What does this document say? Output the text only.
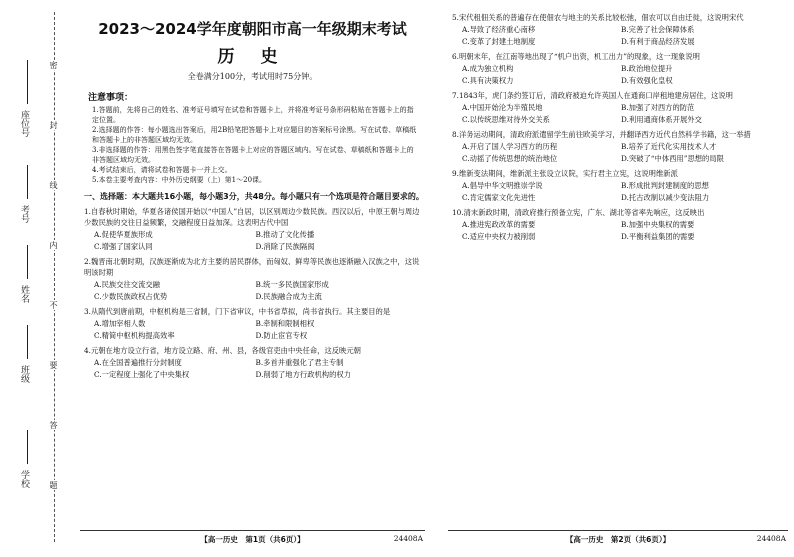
学校
班级
姓名
考号
座位号
密
封
线
内
不
要
答
题
2023～2024学年度朝阳市高一年级期末考试
历 史
全卷满分100分，考试用时75分钟。
注意事项：
1.答题前，先将自己的姓名、准考证号填写在试卷和答题卡上，并将准考证号条形码粘贴在答题卡上的指定位置。
2.选择题的作答：每小题选出答案后，用2B铅笔把答题卡上对应题目的答案标号涂黑。写在试卷、草稿纸和答题卡上的非答题区域均无效。
3.非选择题的作答：用黑色签字笔直接答在答题卡上对应的答题区域内。写在试卷、草稿纸和答题卡上的非答题区域均无效。
4.考试结束后，请将试卷和答题卡一并上交。
5.本卷主要考查内容：中外历史纲要（上）第1～20课。
一、选择题：本大题共16小题，每小题3分，共48分。每小题只有一个选项是符合题目要求的。
1.自春秋时期始，华夏各诸侯国开始以“中国人”自居，以区别周边少数民族。西汉以后，中原王朝与周边少数民族的交往日益频繁，交融程度日益加深。这表明古代中国
A.促使华夏族形成	B.推动了文化传播
C.增强了国家认同	D.消除了民族隔阂
2.魏晋南北朝时期，汉族逐渐成为北方主要的居民群体，而匈奴、鲜卑等民族也逐渐融入汉族之中，这说明该时期
A.民族交往交流交融	B.统一多民族国家形成
C.少数民族政权占优势	D.民族融合成为主流
3.从隋代到唐前期，中枢机构是三省制，门下省审议，中书省草拟，尚书省执行。其主要目的是
A.增加宰相人数	B.牵制和限制相权
C.精简中枢机构提高效率	D.防止宦官专权
4.元朝在地方设立行省，地方设立路、府、州、县，各级官吏由中央任命，这反映元朝
A.在全国普遍推行分封制度	B.多首并重强化了君主专制
C.一定程度上强化了中央集权	D.削弱了地方行政机构的权力
【高一历史　第1页（共6页）】	24408A
5.宋代租佃关系的普遍存在使佃农与地主的关系比较松弛，佃农可以自由迁徙，这说明宋代
A.导致了经济重心南移	B.完善了社会保障体系
C.变革了封建土地制度	D.有利于商品经济发展
6.明朝末年，在江南等地出现了“机户出资，机工出力”的现象，这一现象说明
A.成为独立机构	B.政治地位提升
C.具有决策权力	D.有效强化皇权
7.1843年，虎门条约签订后，清政府被迫允许英国人在通商口岸租地建房居住，这说明
A.中国开始沦为半殖民地	B.加强了对西方的防范
C.以传统思维对待外交关系	D.利用通商体系开展外交
8.洋务运动期间，清政府派遣留学生前往欧美学习，并翻译西方近代自然科学书籍，这一举措
A.开启了国人学习西方的历程	B.培养了近代化实用技术人才
C.动摇了传统思想的统治地位	D.突破了“中体西用”思想的局限
9.维新变法期间，维新派主张设立议院，实行君主立宪，这说明维新派
A.倡导中华文明推崇学说	B.形成批判封建制度的思想
C.肯定儒家文化先进性	D.托古改制以减少变法阻力
10.清末新政时期，清政府推行预备立宪，广东、湖北等省率先响应，这反映出
A.推进宪政改革的需要	B.加强中央集权的需要
C.适应中央权力被削弱	D.平衡利益集团的需要
【高一历史　第2页（共6页）】	24408A
